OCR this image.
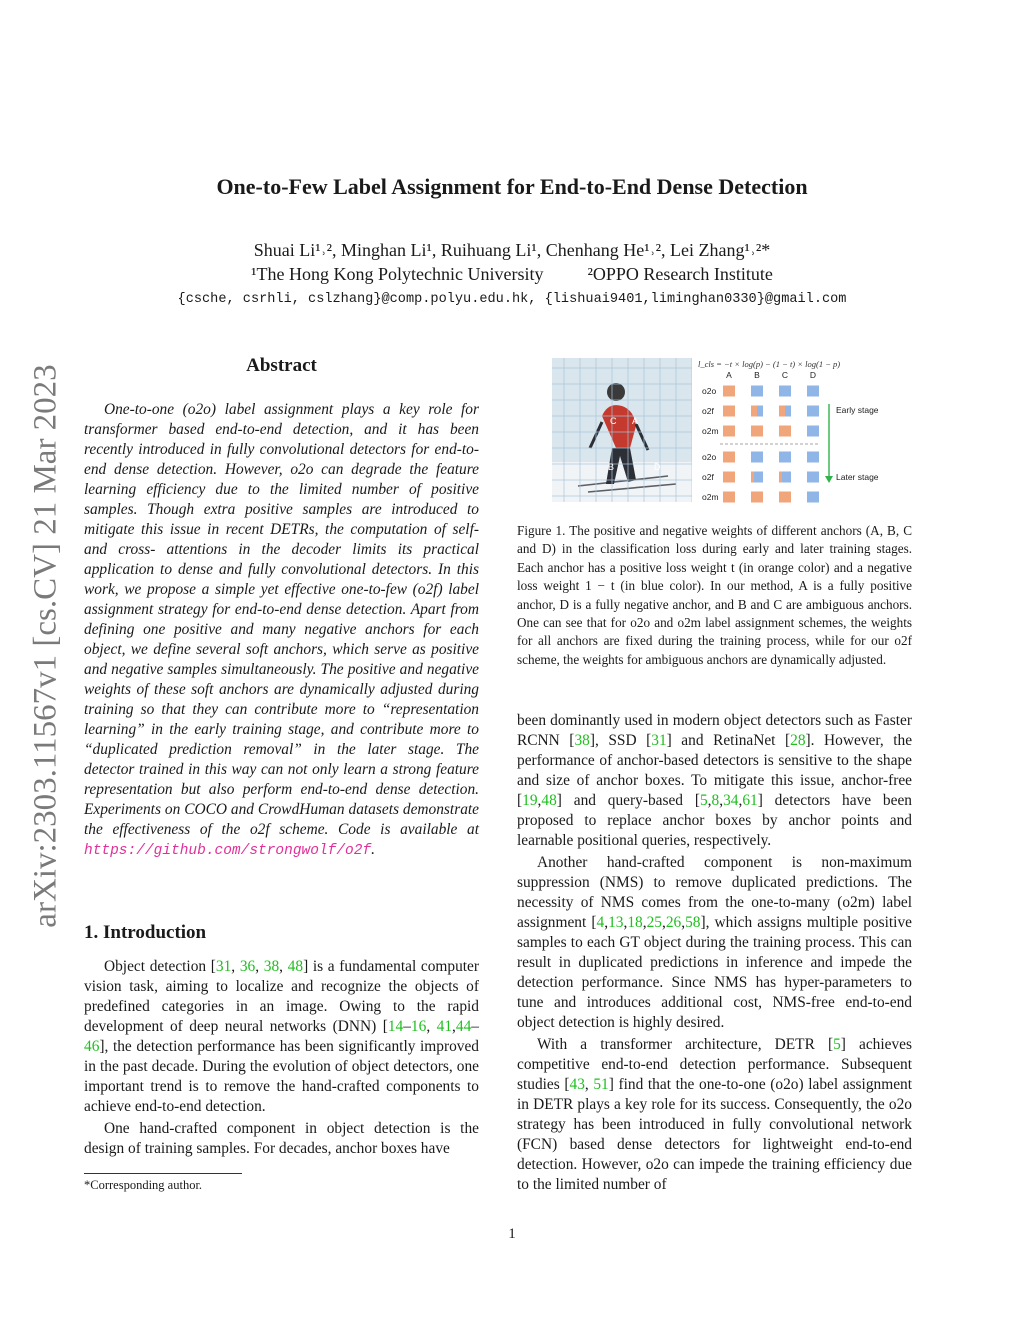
One-to-Few Label Assignment for End-to-End Dense Detection
Shuai Li¹˒², Minghan Li¹, Ruihuang Li¹, Chenhang He¹˒², Lei Zhang¹˒²*
¹The Hong Kong Polytechnic University ²OPPO Research Institute
{csche, csrhli, cslzhang}@comp.polyu.edu.hk, {lishuai9401,liminghan0330}@gmail.com
arXiv:2303.11567v1 [cs.CV] 21 Mar 2023	Abstract

One-to-one (o2o) label assignment plays a key role for transformer based end-to-end detection, and it has been recently introduced in fully convolutional detectors for end-to-end dense detection. However, o2o can degrade the feature learning efficiency due to the limited number of positive samples. Though extra positive samples are introduced to mitigate this issue in recent DETRs, the computation of self- and cross- attentions in the decoder limits its practical application to dense and fully convolutional detectors. In this work, we propose a simple yet effective one-to-few (o2f) label assignment strategy for end-to-end dense detection. Apart from defining one positive and many negative anchors for each object, we define several soft anchors, which serve as positive and negative samples simultaneously. The positive and negative weights of these soft anchors are dynamically adjusted during training so that they can contribute more to “representation learning” in the early training stage, and contribute more to “duplicated prediction removal” in the later stage. The detector trained in this way can not only learn a strong feature representation but also perform end-to-end dense detection. Experiments on COCO and CrowdHuman datasets demonstrate the effectiveness of the o2f scheme. Code is available at https://github.com/strongwolf/o2f.

1. Introduction

Object detection [31, 36, 38, 48] is a fundamental computer vision task, aiming to localize and recognize the objects of predefined categories in an image. Owing to the rapid development of deep neural networks (DNN) [14–16, 41,44–46], the detection performance has been significantly improved in the past decade. During the evolution of object detectors, one important trend is to remove the hand-crafted components to achieve end-to-end detection.

One hand-crafted component in object detection is the design of training samples. For decades, anchor boxes have

C A
B	D
l_cls = −t × log(p) − (1 − t) × log(1 − p)
A	B	C	D
o2o
o2f
o2m
o2o
o2f
o2m
Early stage
Later stage
Figure 1. The positive and negative weights of different anchors (A, B, C and D) in the classification loss during early and later training stages. Each anchor has a positive loss weight t (in orange color) and a negative loss weight 1 − t (in blue color). In our method, A is a fully positive anchor, D is a fully negative anchor, and B and C are ambiguous anchors. One can see that for o2o and o2m label assignment schemes, the weights for all anchors are fixed during the training process, while for our o2f scheme, the weights for ambiguous anchors are dynamically adjusted.

been dominantly used in modern object detectors such as Faster RCNN [38], SSD [31] and RetinaNet [28]. However, the performance of anchor-based detectors is sensitive to the shape and size of anchor boxes. To mitigate this issue, anchor-free [19,48] and query-based [5,8,34,61] detectors have been proposed to replace anchor boxes by anchor points and learnable positional queries, respectively.

Another hand-crafted component is non-maximum suppression (NMS) to remove duplicated predictions. The necessity of NMS comes from the one-to-many (o2m) label assignment [4,13,18,25,26,58], which assigns multiple positive samples to each GT object during the training process. This can result in duplicated predictions in inference and impede the detection performance. Since NMS has hyper-parameters to tune and introduces additional cost, NMS-free end-to-end object detection is highly desired.

With a transformer architecture, DETR [5] achieves competitive end-to-end detection performance. Subsequent studies [43, 51] find that the one-to-one (o2o) label assignment in DETR plays a key role for its success. Consequently, the o2o strategy has been introduced in fully convolutional network (FCN) based dense detectors for lightweight end-to-end detection. However, o2o can impede the training efficiency due to the limited number of

*Corresponding author.
1
